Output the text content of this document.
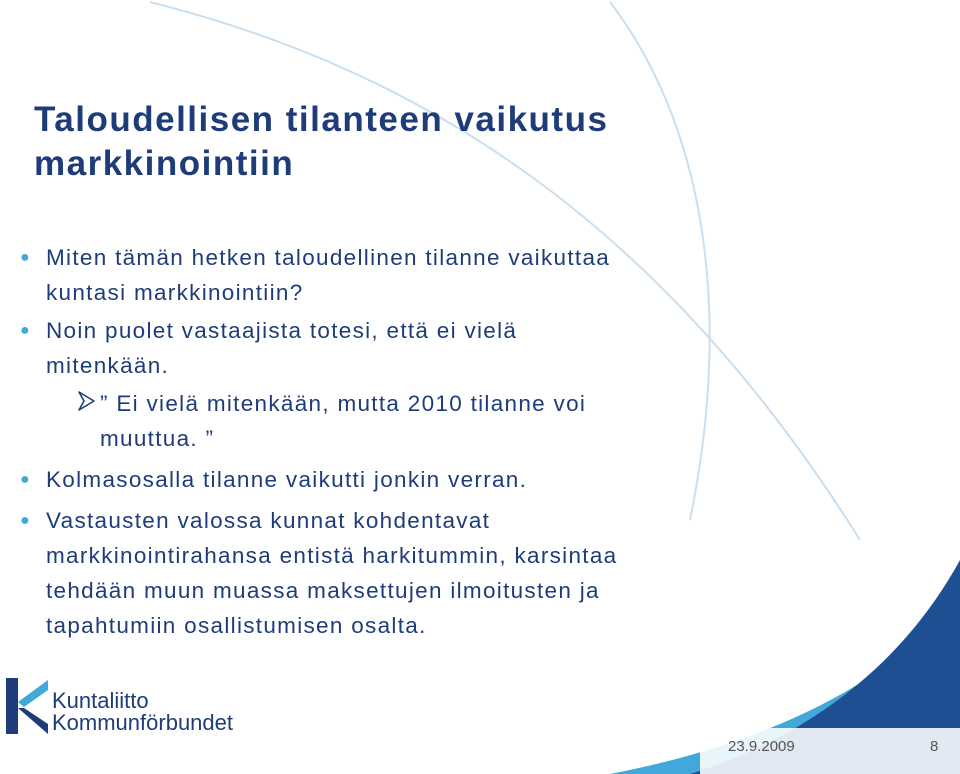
Taloudellisen tilanteen vaikutus
markkinointiin
● Miten tämän hetken taloudellinen tilanne vaikuttaa
kuntasi markkinointiin?
● Noin puolet vastaajista totesi, että ei vielä
mitenkään.
” Ei vielä mitenkään, mutta 2010 tilanne voi
muuttua. ”
● Kolmasosalla tilanne vaikutti jonkin verran.
● Vastausten valossa kunnat kohdentavat
markkinointirahansa entistä harkitummin, karsintaa
tehdään muun muassa maksettujen ilmoitusten ja
tapahtumiin osallistumisen osalta.
Kuntaliitto
Kommunförbundet
23.9.2009	8
